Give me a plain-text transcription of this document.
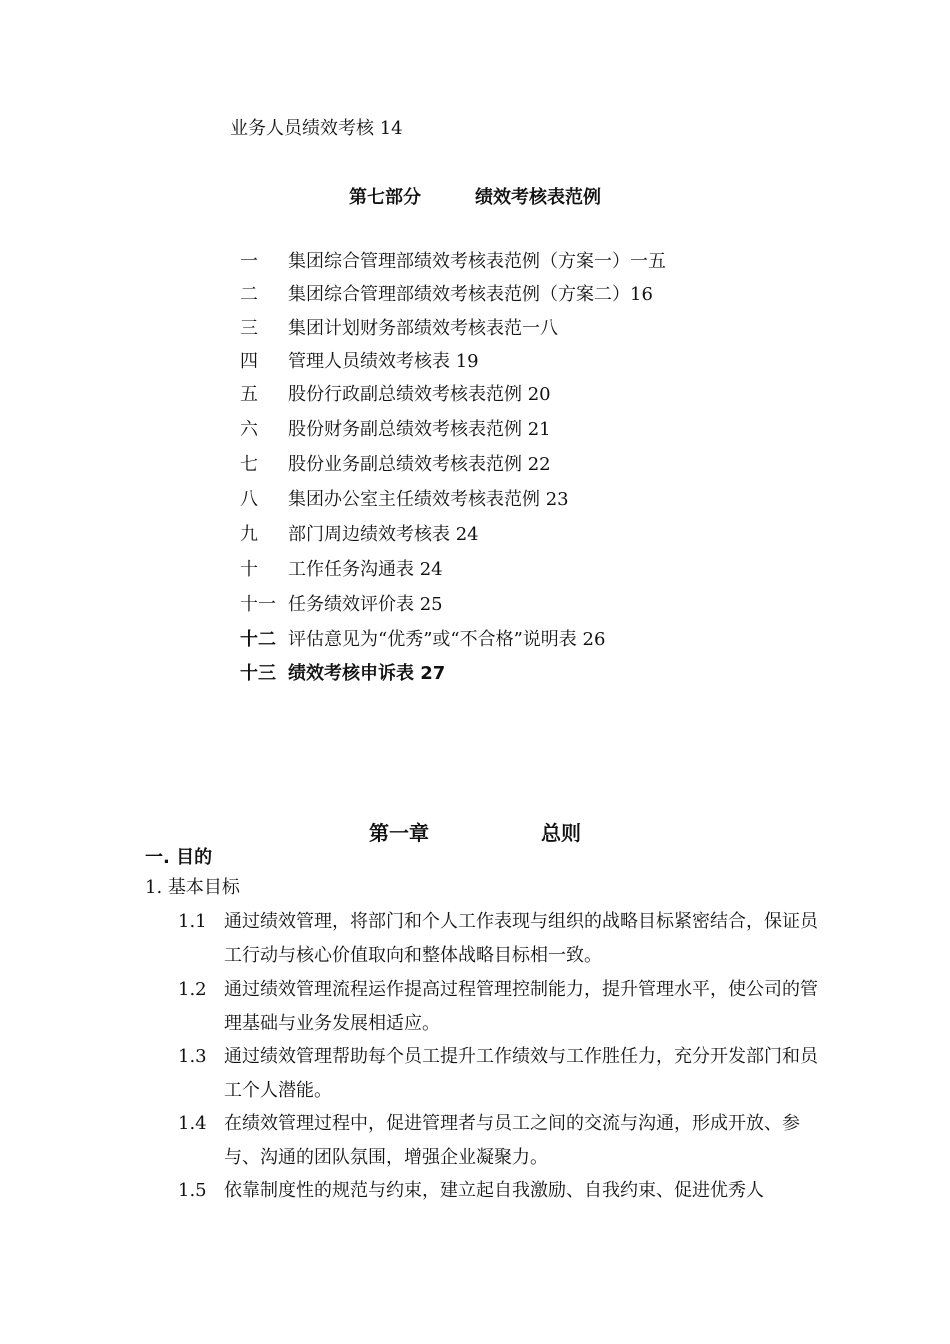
业务人员绩效考核 14
第七部分	绩效考核表范例
一	集团综合管理部绩效考核表范例（方案一）一五
二	集团综合管理部绩效考核表范例（方案二）16
三	集团计划财务部绩效考核表范一八
四	管理人员绩效考核表 19
五	股份行政副总绩效考核表范例 20
六	股份财务副总绩效考核表范例 21
七	股份业务副总绩效考核表范例 22
八	集团办公室主任绩效考核表范例 23
九	部门周边绩效考核表 24
十	工作任务沟通表 24
十一 任务绩效评价表 25
十二 评估意见为“优秀”或“不合格”说明表 26
十三 绩效考核申诉表 27
第一章	总则
一. 目的
1. 基本目标
1.1 通过绩效管理，将部门和个人工作表现与组织的战略目标紧密结合，保证员工行动与核心价值取向和整体战略目标相一致。
1.2 通过绩效管理流程运作提高过程管理控制能力，提升管理水平，使公司的管理基础与业务发展相适应。
1.3 通过绩效管理帮助每个员工提升工作绩效与工作胜任力，充分开发部门和员工个人潜能。
1.4 在绩效管理过程中，促进管理者与员工之间的交流与沟通，形成开放、参与、沟通的团队氛围，增强企业凝聚力。
1.5 依靠制度性的规范与约束，建立起自我激励、自我约束、促进优秀人
